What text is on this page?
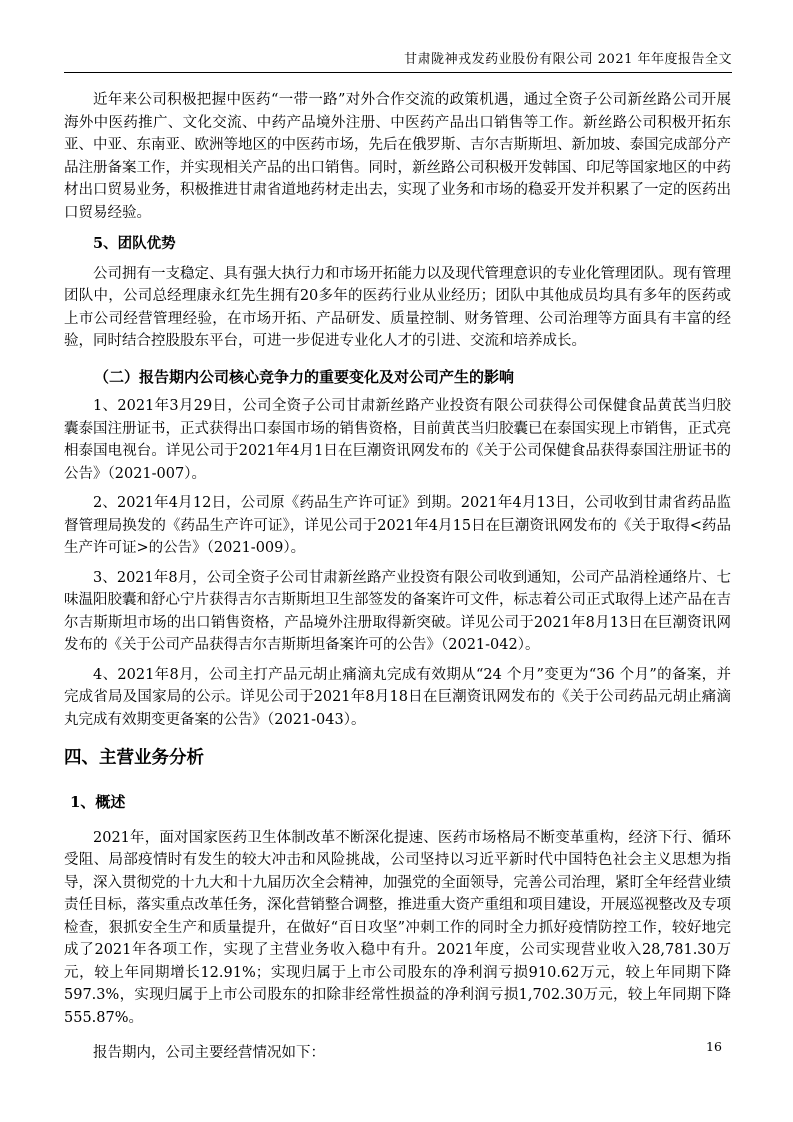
甘肃陇神戎发药业股份有限公司 2021 年年度报告全文

近年来公司积极把握中医药“一带一路”对外合作交流的政策机遇，通过全资子公司新丝路公司开展海外中医药推广、文化交流、中药产品境外注册、中医药产品出口销售等工作。新丝路公司积极开拓东亚、中亚、东南亚、欧洲等地区的中医药市场，先后在俄罗斯、吉尔吉斯斯坦、新加坡、泰国完成部分产品注册备案工作，并实现相关产品的出口销售。同时，新丝路公司积极开发韩国、印尼等国家地区的中药材出口贸易业务，积极推进甘肃省道地药材走出去，实现了业务和市场的稳妥开发并积累了一定的医药出口贸易经验。

5、团队优势

公司拥有一支稳定、具有强大执行力和市场开拓能力以及现代管理意识的专业化管理团队。现有管理团队中，公司总经理康永红先生拥有20多年的医药行业从业经历；团队中其他成员均具有多年的医药或上市公司经营管理经验，在市场开拓、产品研发、质量控制、财务管理、公司治理等方面具有丰富的经验，同时结合控股股东平台，可进一步促进专业化人才的引进、交流和培养成长。

（二）报告期内公司核心竞争力的重要变化及对公司产生的影响

1、2021年3月29日，公司全资子公司甘肃新丝路产业投资有限公司获得公司保健食品黄芪当归胶囊泰国注册证书，正式获得出口泰国市场的销售资格，目前黄芪当归胶囊已在泰国实现上市销售，正式亮相泰国电视台。详见公司于2021年4月1日在巨潮资讯网发布的《关于公司保健食品获得泰国注册证书的公告》（2021-007）。

2、2021年4月12日，公司原《药品生产许可证》到期。2021年4月13日，公司收到甘肃省药品监督管理局换发的《药品生产许可证》，详见公司于2021年4月15日在巨潮资讯网发布的《关于取得<药品生产许可证>的公告》（2021-009）。

3、2021年8月，公司全资子公司甘肃新丝路产业投资有限公司收到通知，公司产品消栓通络片、七味温阳胶囊和舒心宁片获得吉尔吉斯斯坦卫生部签发的备案许可文件，标志着公司正式取得上述产品在吉尔吉斯斯坦市场的出口销售资格，产品境外注册取得新突破。详见公司于2021年8月13日在巨潮资讯网发布的《关于公司产品获得吉尔吉斯斯坦备案许可的公告》（2021-042）。

4、2021年8月，公司主打产品元胡止痛滴丸完成有效期从“24 个月”变更为“36 个月”的备案，并完成省局及国家局的公示。详见公司于2021年8月18日在巨潮资讯网发布的《关于公司药品元胡止痛滴丸完成有效期变更备案的公告》（2021-043）。

四、主营业务分析

1、概述

2021年，面对国家医药卫生体制改革不断深化提速、医药市场格局不断变革重构，经济下行、循环受阻、局部疫情时有发生的较大冲击和风险挑战，公司坚持以习近平新时代中国特色社会主义思想为指导，深入贯彻党的十九大和十九届历次全会精神，加强党的全面领导，完善公司治理，紧盯全年经营业绩责任目标，落实重点改革任务，深化营销整合调整，推进重大资产重组和项目建设，开展巡视整改及专项检查，狠抓安全生产和质量提升，在做好“百日攻坚”冲刺工作的同时全力抓好疫情防控工作，较好地完成了2021年各项工作，实现了主营业务收入稳中有升。2021年度，公司实现营业收入28,781.30万元，较上年同期增长12.91%；实现归属于上市公司股东的净利润亏损910.62万元，较上年同期下降597.3%，实现归属于上市公司股东的扣除非经常性损益的净利润亏损1,702.30万元，较上年同期下降555.87%。

报告期内，公司主要经营情况如下：	16
